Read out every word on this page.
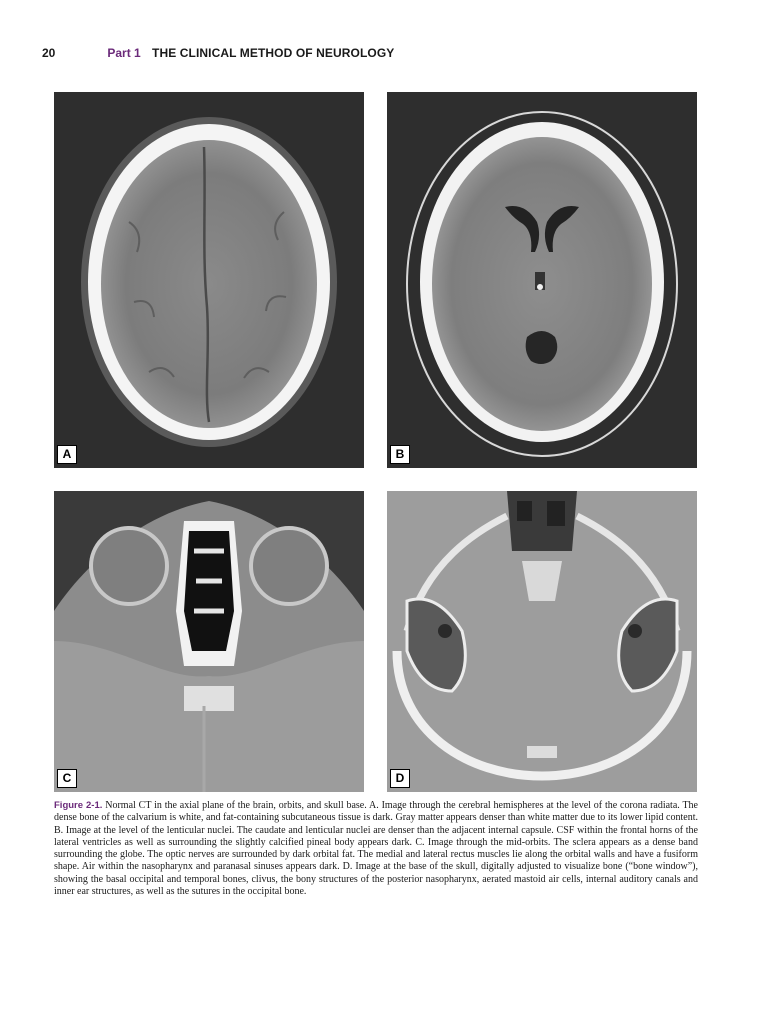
20	Part 1 THE CLINICAL METHOD OF NEUROLOGY
A	B
C	D
Figure 2-1. Normal CT in the axial plane of the brain, orbits, and skull base. A. Image through the cerebral hemispheres at the level of the corona radiata. The dense bone of the calvarium is white, and fat-containing subcutaneous tissue is dark. Gray matter appears denser than white matter due to its lower lipid content. B. Image at the level of the lenticular nuclei. The caudate and lenticular nuclei are denser than the adjacent internal capsule. CSF within the frontal horns of the lateral ventricles as well as surrounding the slightly calcified pineal body appears dark. C. Image through the mid-orbits. The sclera appears as a dense band surrounding the globe. The optic nerves are surrounded by dark orbital fat. The medial and lateral rectus muscles lie along the orbital walls and have a fusiform shape. Air within the nasopharynx and paranasal sinuses appears dark. D. Image at the base of the skull, digitally adjusted to visualize bone (“bone window”), showing the basal occipital and temporal bones, clivus, the bony structures of the posterior nasopharynx, aerated mastoid air cells, internal auditory canals and inner ear structures, as well as the sutures in the occipital bone.
